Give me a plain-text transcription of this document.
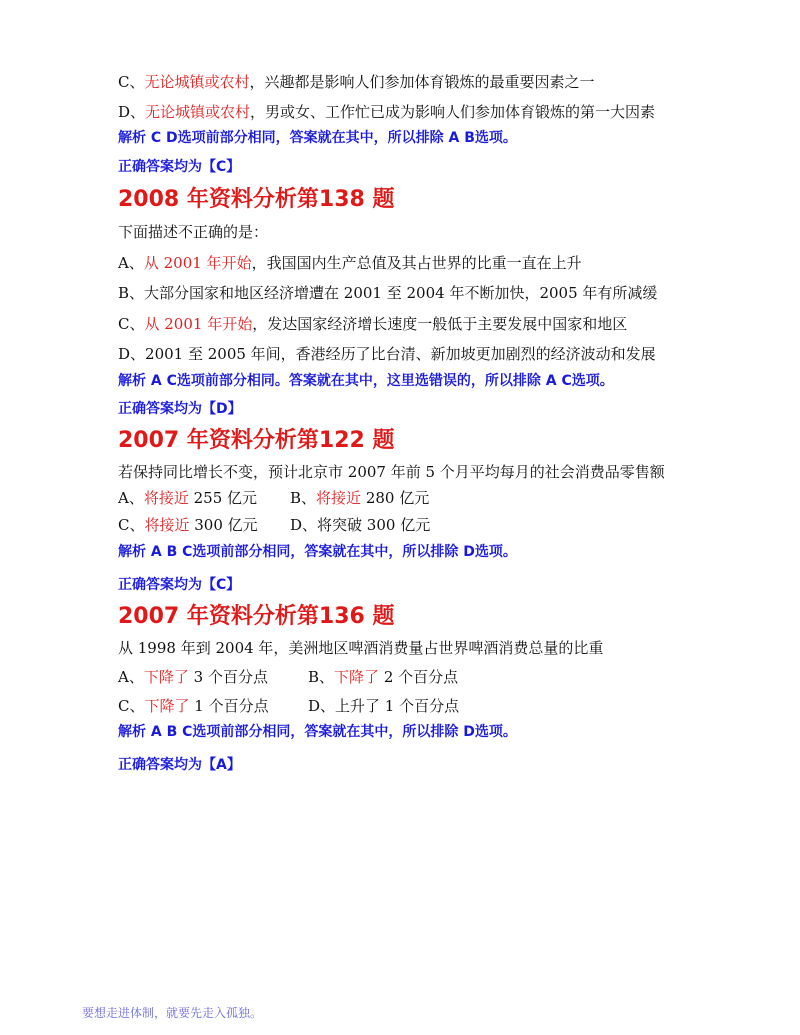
C、无论城镇或农村，兴趣都是影响人们参加体育锻炼的最重要因素之一
D、无论城镇或农村，男或女、工作忙已成为影响人们参加体育锻炼的第一大因素
解析 C D选项前部分相同，答案就在其中，所以排除 A B选项。
正确答案均为【C】
2008 年资料分析第138 题
下面描述不正确的是：
A、从 2001 年开始，我国国内生产总值及其占世界的比重一直在上升
B、大部分国家和地区经济增遭在 2001 至 2004 年不断加快，2005 年有所减缓
C、从 2001 年开始，发达国家经济增长速度一般低于主要发展中国家和地区
D、2001 至 2005 年间，香港经历了比台清、新加坡更加剧烈的经济波动和发展
解析 A C选项前部分相同。答案就在其中，这里选错误的，所以排除 A C选项。
正确答案均为【D】
2007 年资料分析第122 题
若保持同比增长不变，预计北京市 2007 年前 5 个月平均每月的社会消费品零售额
A、将接近 255 亿元 B、将接近 280 亿元
C、将接近 300 亿元 D、将突破 300 亿元
解析 A B C选项前部分相同，答案就在其中，所以排除 D选项。
正确答案均为【C】
2007 年资料分析第136 题
从 1998 年到 2004 年，美洲地区啤酒消费量占世界啤酒消费总量的比重
A、下降了 3 个百分点	B、下降了 2 个百分点
C、下降了 1 个百分点	D、上升了 1 个百分点
解析 A B C选项前部分相同，答案就在其中，所以排除 D选项。
正确答案均为【A】
要想走进体制，就要先走入孤独。
